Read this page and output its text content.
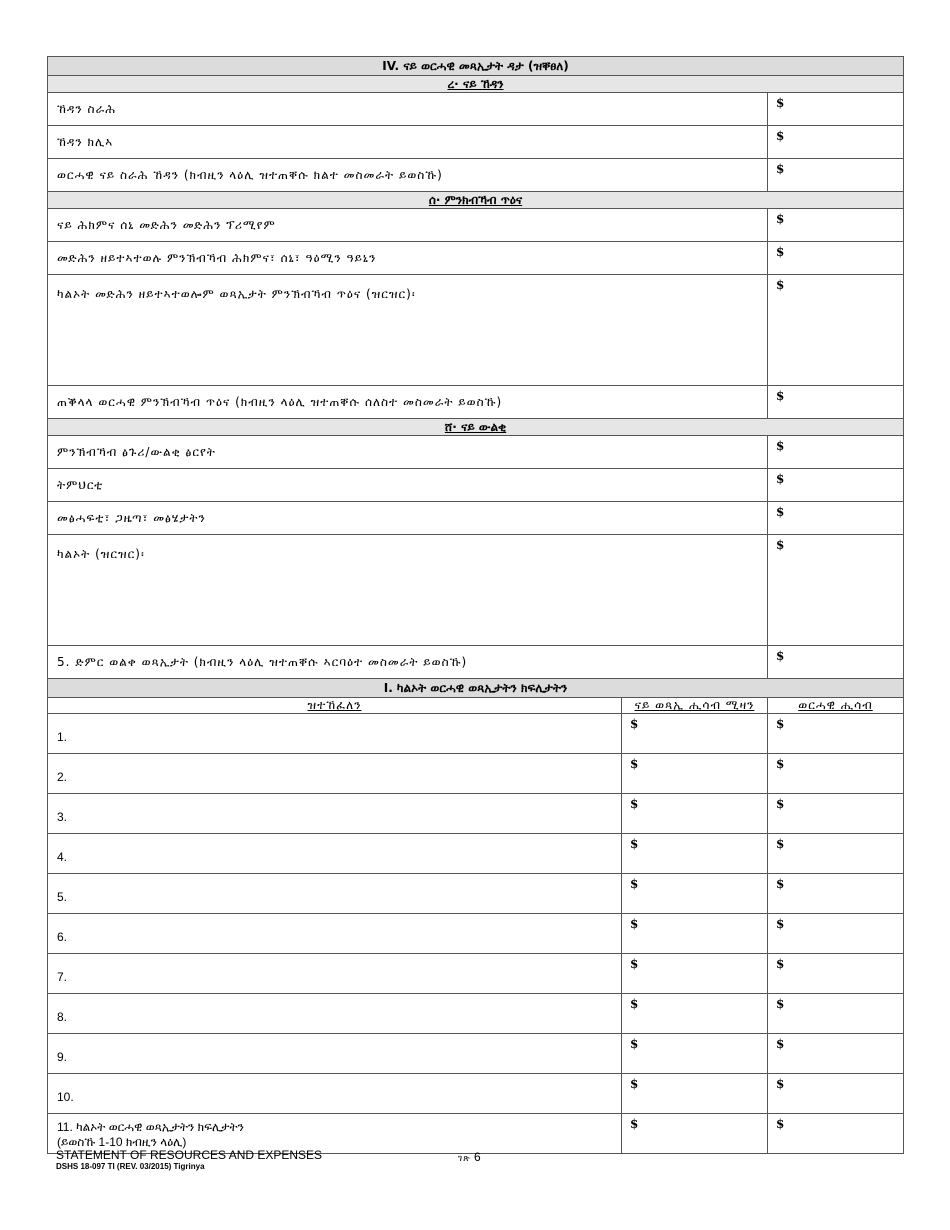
IV. ናይ ወርሓዊ መጻኢታት ዳታ (ዝቐፀለ)		
ረ· ናይ ኸዳን		
ኸዳን ስራሕ		$
ኸዳን ክሊኣ		$
ወርሓዊ ናይ ስራሕ ኸዳን (ክብዚን ላዕሊ ዝተጠቐሱ ክልተ መስመራት ይወስኹ)		$
ሰ· ምንክብኻብ ጥዕና		
ናይ ሕክምና ሰኒ መድሕን መድሕን ፕሪሚየም		$
መድሕን ዘይተኣተወሉ ምንኽብኻብ ሕክምና፣ ሰኒ፣ ዓዕሚን ዓይኒን		$
ካልኦት መድሕን ዘይተኣተወሎም ወጻኢታት ምንኽብኻብ ጥዕና (ዝርዝር)፡		$
ጠቕላላ ወርሓዊ ምንኽብኻብ ጥዕና (ክብዚን ላዕሊ ዝተጠቐሱ ሰለስተ መስመራት ይወስኹ)		$
ሸ· ናይ ውልቂ		
ምንኽብኻብ ፅጉሪ/ውልቂ ፅርየት		$
ትምህርቲ		$
መፅሓፍቲ፣ ጋዜጣ፣ መፅሄታትን		$
ካልኦት (ዝርዝር)፡		$
5. ድምር ወልቀ ወጻኢታት (ክብዚን ላዕሊ ዝተጠቐሱ ኣርባዕተ መስመራት ይወስኹ)		$
I. ካልኦት ወርሓዊ ወጻኢታትን ክፍሊታትን		
ዝተኸፈለን	ናይ ወጻኢ ሒሳብ ሚዛን	ወርሓዊ ሒሳብ
1.	$	$
2.	$	$
3.	$	$
4.	$	$
5.	$	$
6.	$	$
7.	$	$
8.	$	$
9.	$	$
10.	$	$

11. ካልኦት ወርሓዊ ወጻኢታትን ክፍሊታትን
(ይወስኹ 1-10 ክብዚን ላዕሊ)	$	$
STATEMENT OF RESOURCES AND EXPENSES
DSHS 18-097 TI (REV. 03/2015) Tigrinya
ገጽ 6
